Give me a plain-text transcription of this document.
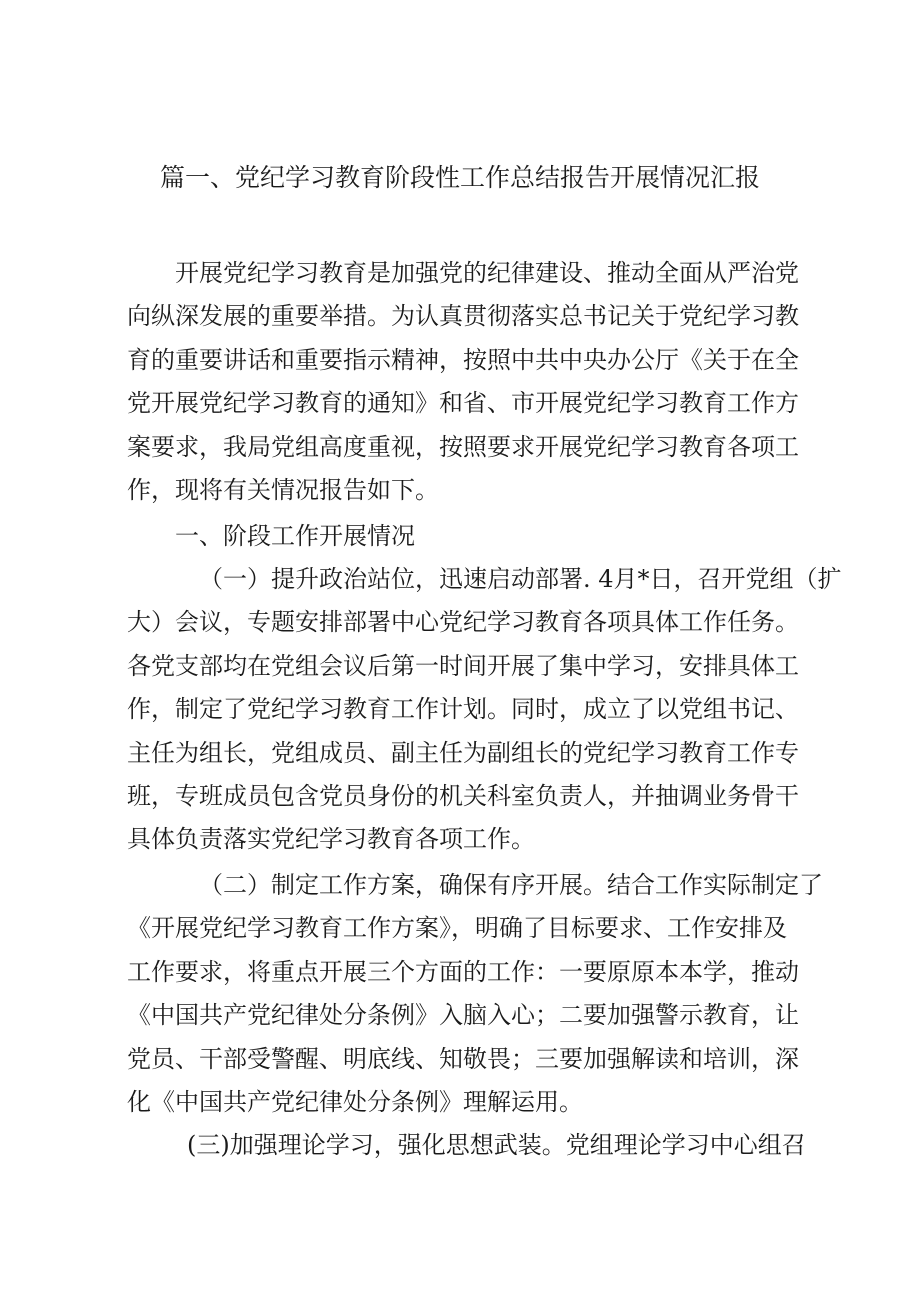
篇一、党纪学习教育阶段性工作总结报告开展情况汇报
开展党纪学习教育是加强党的纪律建设、推动全面从严治党
向纵深发展的重要举措。为认真贯彻落实总书记关于党纪学习教
育的重要讲话和重要指示精神，按照中共中央办公厅《关于在全
党开展党纪学习教育的通知》和省、市开展党纪学习教育工作方
案要求，我局党组高度重视，按照要求开展党纪学习教育各项工
作，现将有关情况报告如下。
一、阶段工作开展情况
（一）提升政治站位，迅速启动部署. 4月*日，召开党组（扩
大）会议，专题安排部署中心党纪学习教育各项具体工作任务。
各党支部均在党组会议后第一时间开展了集中学习，安排具体工
作，制定了党纪学习教育工作计划。同时，成立了以党组书记、
主任为组长，党组成员、副主任为副组长的党纪学习教育工作专
班，专班成员包含党员身份的机关科室负责人，并抽调业务骨干
具体负责落实党纪学习教育各项工作。
（二）制定工作方案，确保有序开展。结合工作实际制定了
《开展党纪学习教育工作方案》，明确了目标要求、工作安排及
工作要求，将重点开展三个方面的工作：一要原原本本学，推动
《中国共产党纪律处分条例》入脑入心；二要加强警示教育，让
党员、干部受警醒、明底线、知敬畏；三要加强解读和培训，深
化《中国共产党纪律处分条例》理解运用。
(三)加强理论学习，强化思想武装。党组理论学习中心组召
